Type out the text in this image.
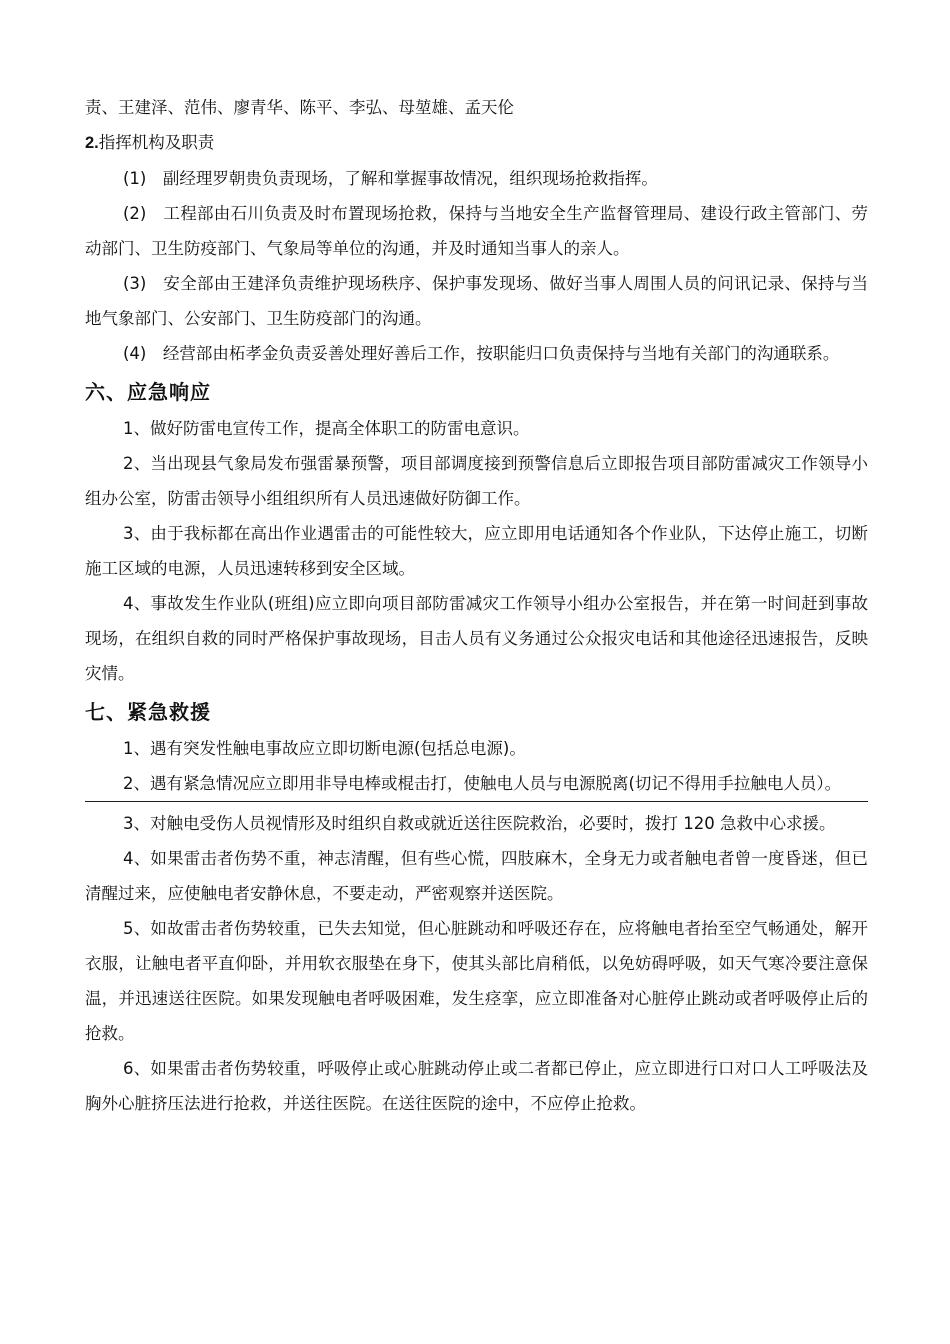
责、王建泽、范伟、廖青华、陈平、李弘、母堃雄、孟天伦

2.指挥机构及职责

(1)　副经理罗朝贵负责现场，了解和掌握事故情况，组织现场抢救指挥。

(2)　工程部由石川负责及时布置现场抢救，保持与当地安全生产监督管理局、建设行政主管部门、劳动部门、卫生防疫部门、气象局等单位的沟通，并及时通知当事人的亲人。

(3)　安全部由王建泽负责维护现场秩序、保护事发现场、做好当事人周围人员的问讯记录、保持与当地气象部门、公安部门、卫生防疫部门的沟通。

(4)　经营部由柘孝金负责妥善处理好善后工作，按职能归口负责保持与当地有关部门的沟通联系。

六、应急响应

1、做好防雷电宣传工作，提高全体职工的防雷电意识。

2、当出现县气象局发布强雷暴预警，项目部调度接到预警信息后立即报告项目部防雷减灾工作领导小组办公室，防雷击领导小组组织所有人员迅速做好防御工作。

3、由于我标都在高出作业遇雷击的可能性较大，应立即用电话通知各个作业队，下达停止施工，切断施工区域的电源，人员迅速转移到安全区域。

4、事故发生作业队(班组)应立即向项目部防雷减灾工作领导小组办公室报告，并在第一时间赶到事故现场，在组织自救的同时严格保护事故现场，目击人员有义务通过公众报灾电话和其他途径迅速报告，反映灾情。

七、紧急救援

1、遇有突发性触电事故应立即切断电源(包括总电源)。

2、遇有紧急情况应立即用非导电棒或棍击打，使触电人员与电源脱离(切记不得用手拉触电人员）。

3、对触电受伤人员视情形及时组织自救或就近送往医院救治，必要时，拨打 120 急救中心求援。

4、如果雷击者伤势不重，神志清醒，但有些心慌，四肢麻木，全身无力或者触电者曾一度昏迷，但已清醒过来，应使触电者安静休息，不要走动，严密观察并送医院。

5、如故雷击者伤势较重，已失去知觉，但心脏跳动和呼吸还存在，应将触电者抬至空气畅通处，解开衣服，让触电者平直仰卧，并用软衣服垫在身下，使其头部比肩稍低，以免妨碍呼吸，如天气寒冷要注意保温，并迅速送往医院。如果发现触电者呼吸困难，发生痉挛，应立即准备对心脏停止跳动或者呼吸停止后的抢救。

6、如果雷击者伤势较重，呼吸停止或心脏跳动停止或二者都已停止，应立即进行口对口人工呼吸法及胸外心脏挤压法进行抢救，并送往医院。在送往医院的途中，不应停止抢救。
